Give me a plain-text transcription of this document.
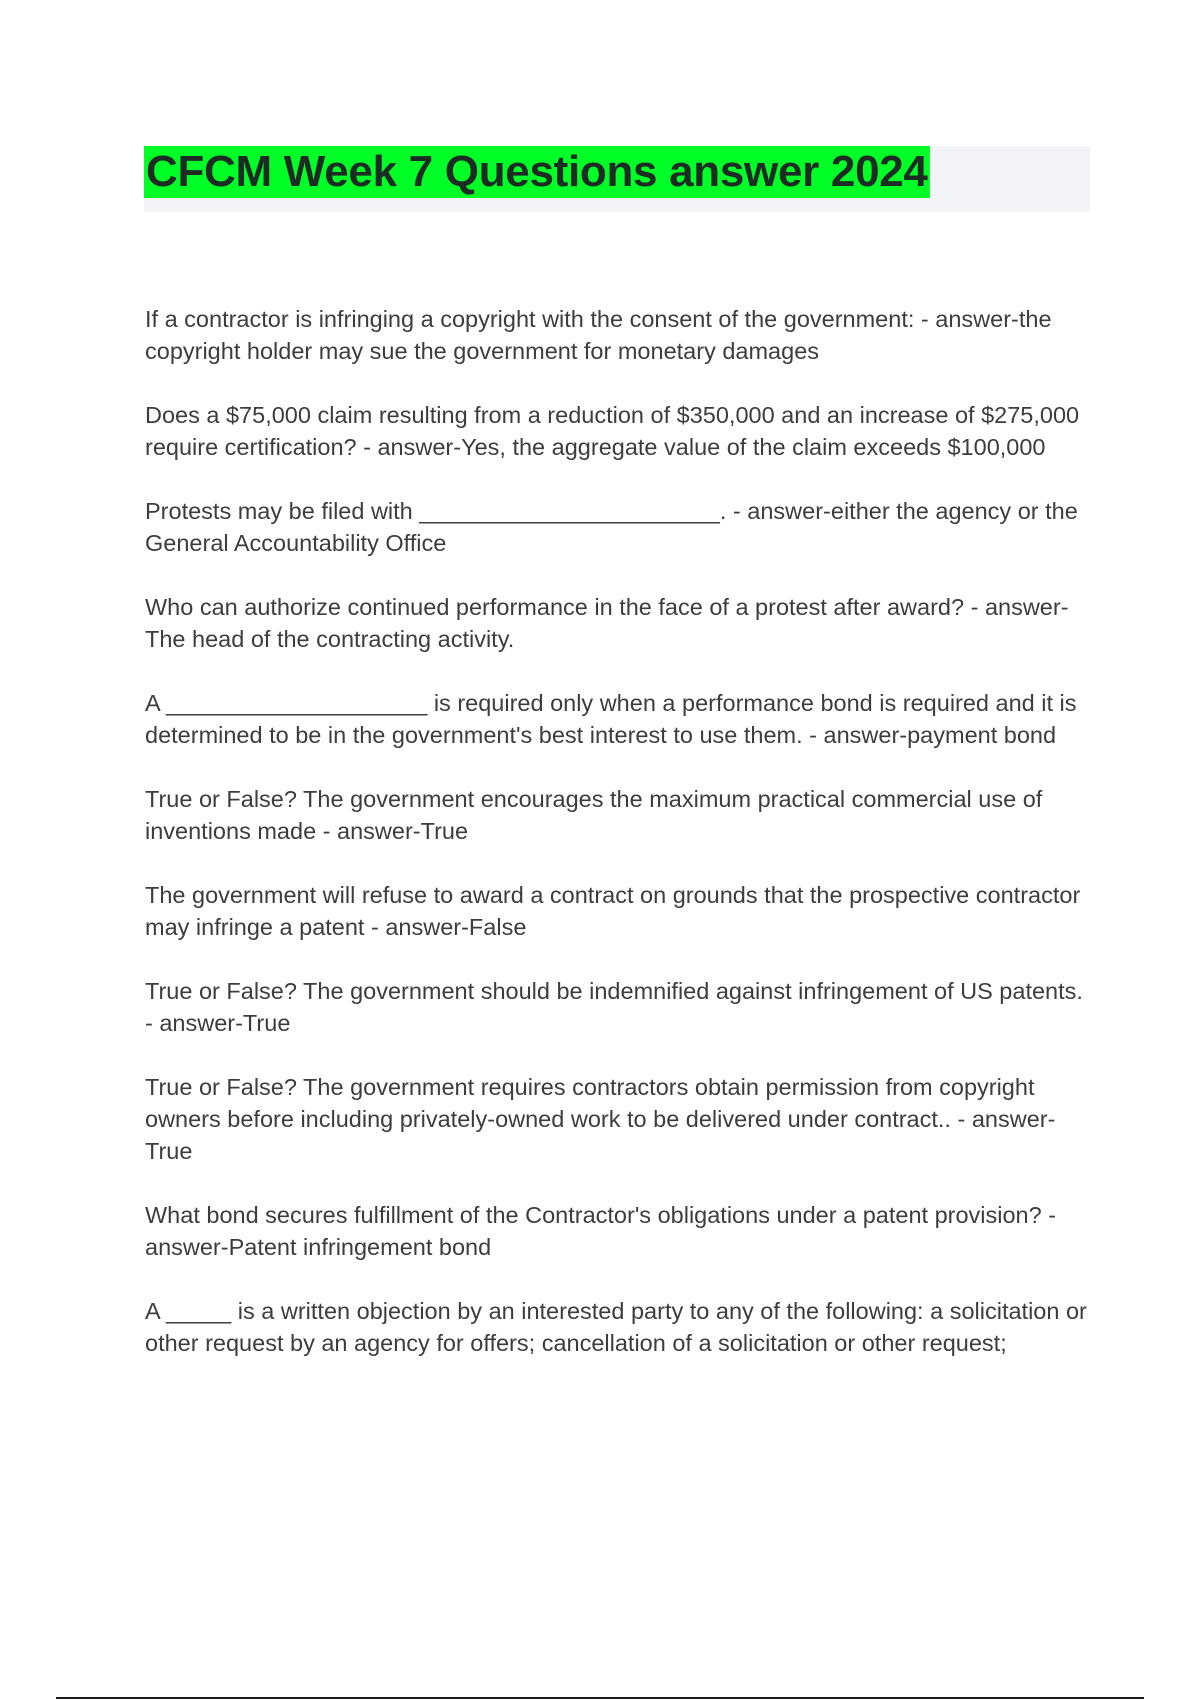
CFCM Week 7 Questions answer 2024

If a contractor is infringing a copyright with the consent of the government: - answer-the copyright holder may sue the government for monetary damages

Does a $75,000 claim resulting from a reduction of $350,000 and an increase of $275,000 require certification? - answer-Yes, the aggregate value of the claim exceeds $100,000

Protests may be filed with _______________________. - answer-either the agency or the General Accountability Office

Who can authorize continued performance in the face of a protest after award? - answer-The head of the contracting activity.

A ____________________ is required only when a performance bond is required and it is determined to be in the government's best interest to use them. - answer-payment bond

True or False? The government encourages the maximum practical commercial use of inventions made - answer-True

The government will refuse to award a contract on grounds that the prospective contractor may infringe a patent - answer-False

True or False? The government should be indemnified against infringement of US patents. - answer-True

True or False? The government requires contractors obtain permission from copyright owners before including privately-owned work to be delivered under contract.. - answer-True

What bond secures fulfillment of the Contractor's obligations under a patent provision? - answer-Patent infringement bond

A _____ is a written objection by an interested party to any of the following: a solicitation or other request by an agency for offers; cancellation of a solicitation or other request;
